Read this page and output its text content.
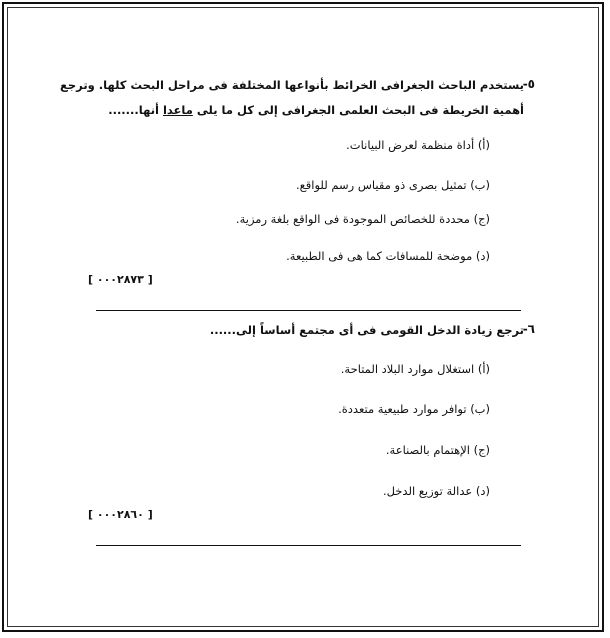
-٥
يستخدم الباحث الجغرافى الخرائط بأنواعها المختلفة فى مراحل البحث كلها. وترجع
أهمية الخريطة فى البحث العلمى الجغرافى إلى كل ما يلى ماعدا أنها.......
(أ) أداة منظمة لعرض البيانات.
(ب) تمثيل بصرى ذو مقياس رسم للواقع.
(ج) محددة للخصائص الموجودة فى الواقع بلغة رمزية.
(د) موضحة للمسافات كما هى فى الطبيعة.
[ ٠٠٠٢٨٧٣ ]
-٦
ترجع زيادة الدخل القومى فى أى مجتمع أساساً إلى......
(أ) استغلال موارد البلاد المتاحة.
(ب) توافر موارد طبيعية متعددة.
(ج) الإهتمام بالصناعة.
(د) عدالة توزيع الدخل.
[ ٠٠٠٢٨٦٠ ]
